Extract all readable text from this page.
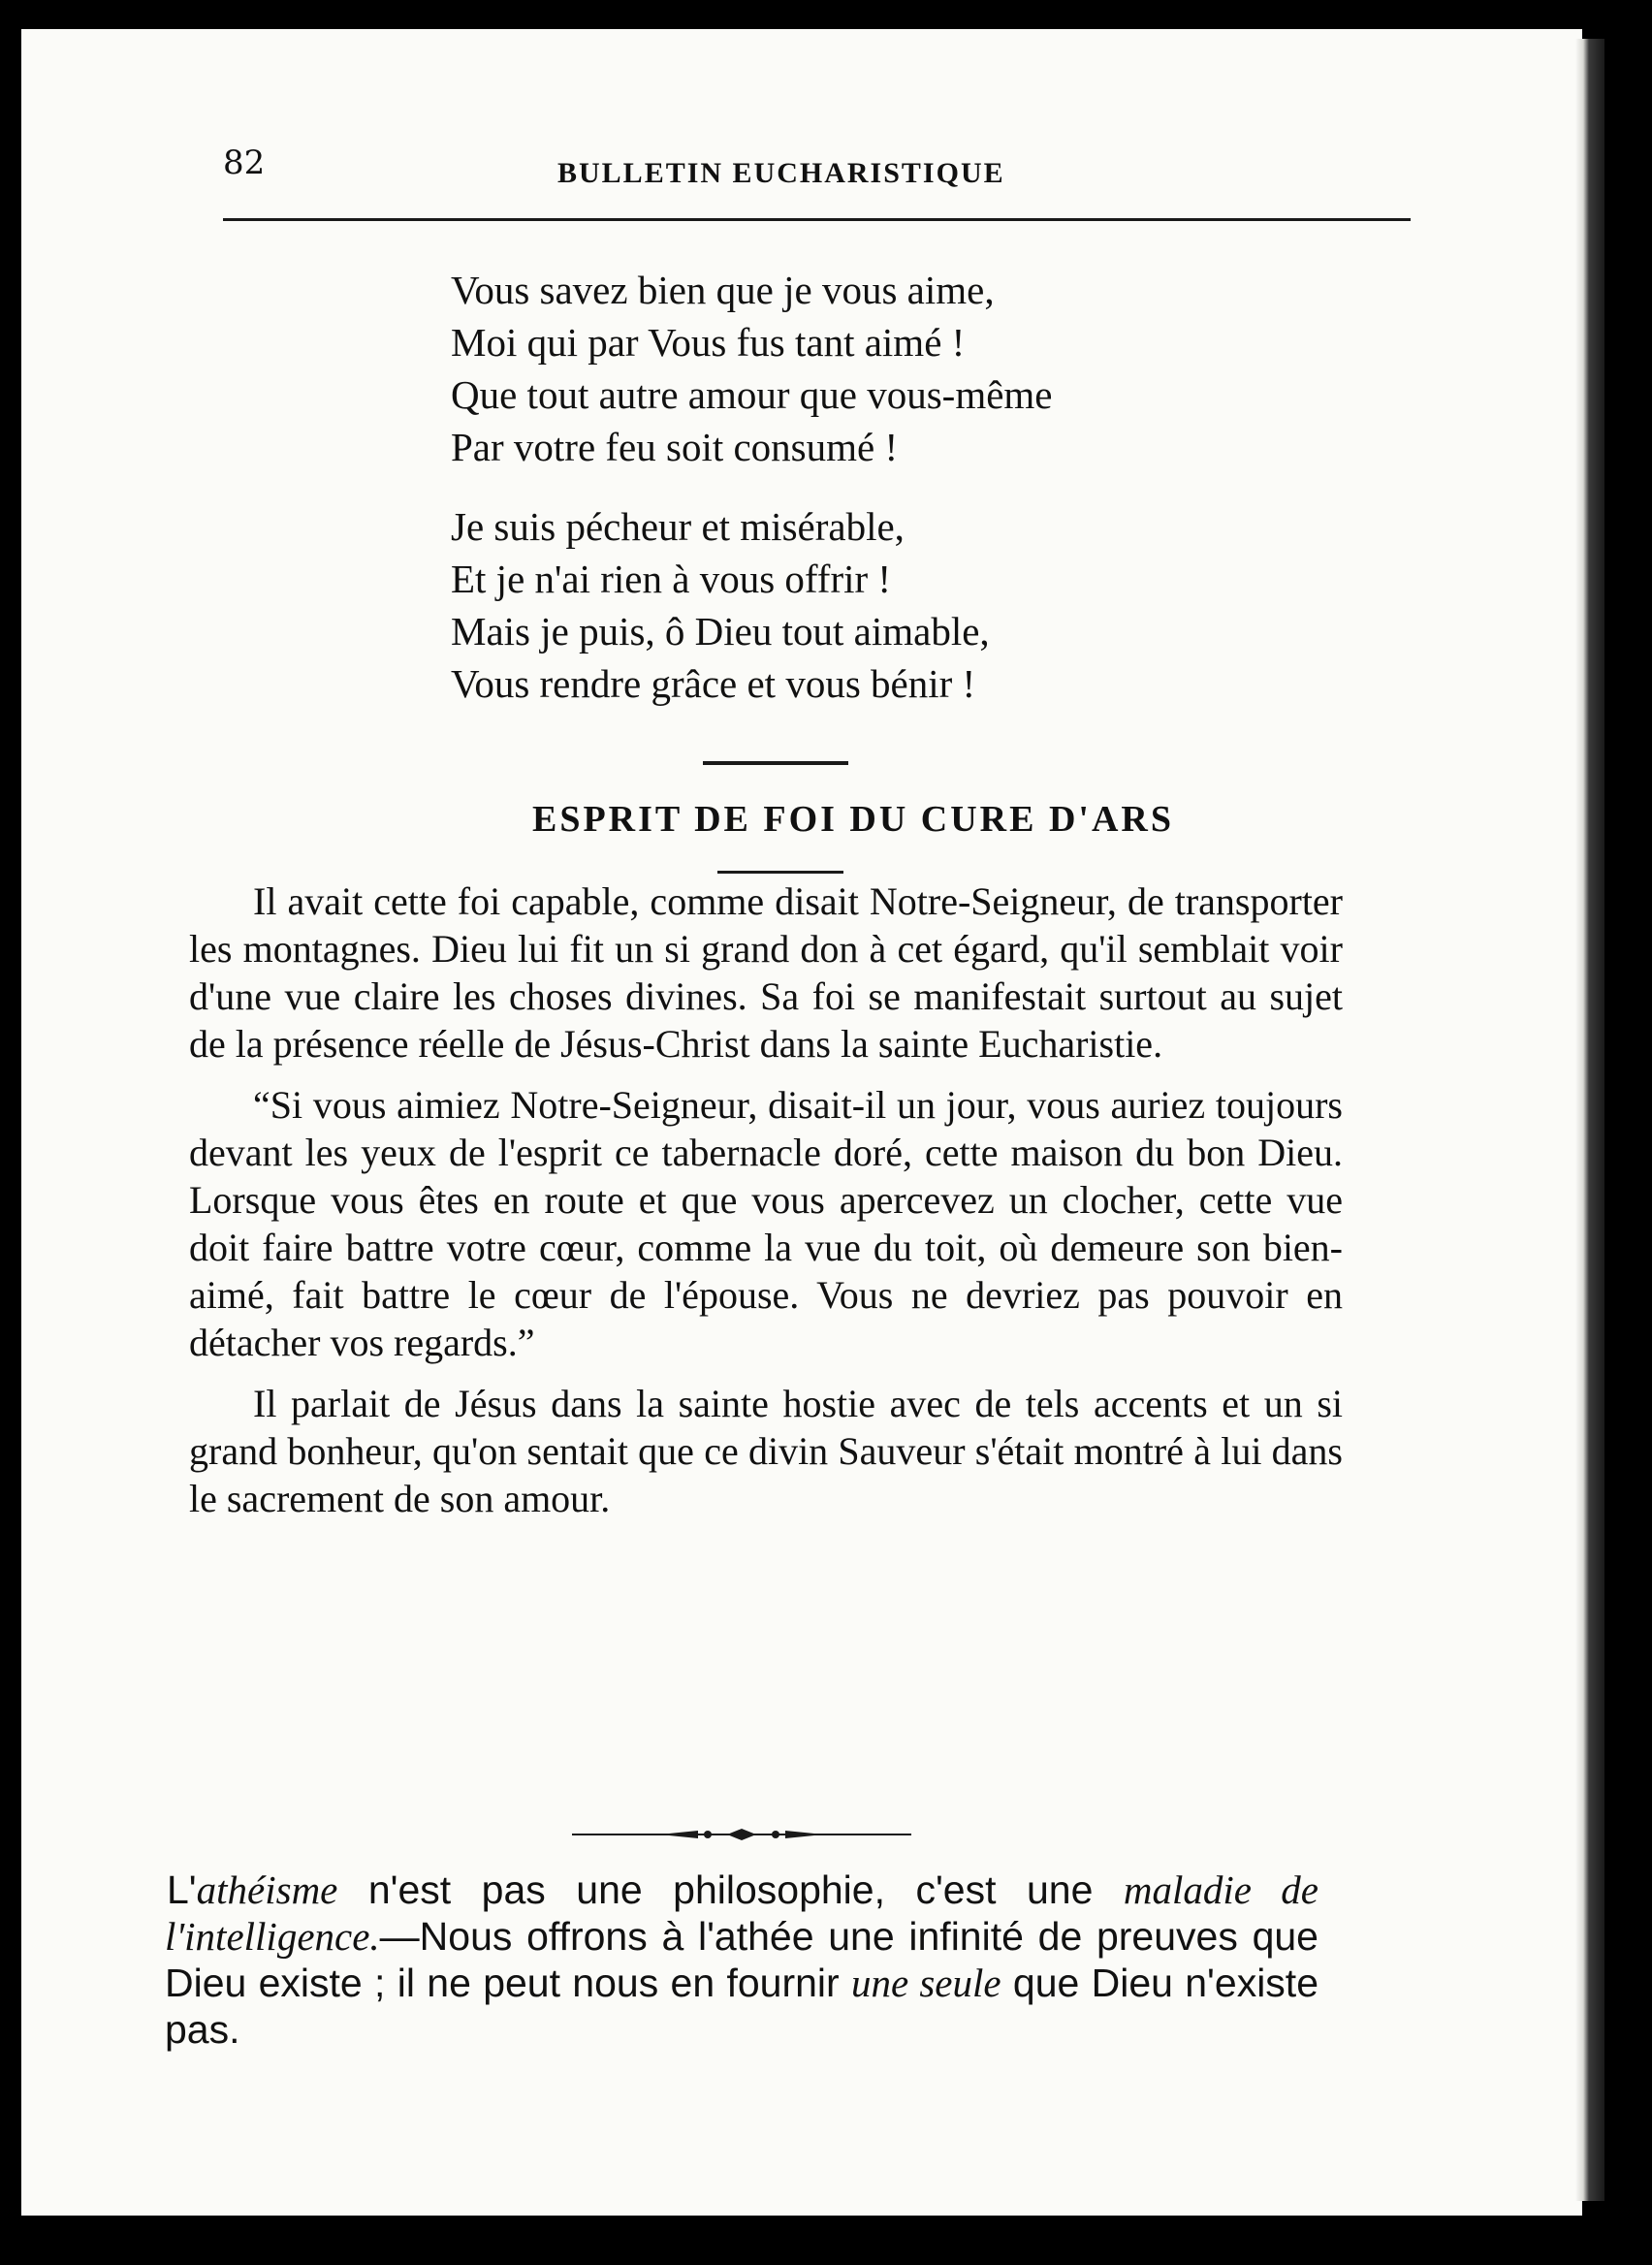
82	BULLETIN EUCHARISTIQUE
Vous savez bien que je vous aime,
Moi qui par Vous fus tant aimé !
Que tout autre amour que vous-même
Par votre feu soit consumé !
Je suis pécheur et misérable,
Et je n'ai rien à vous offrir !
Mais je puis, ô Dieu tout aimable,
Vous rendre grâce et vous bénir !
ESPRIT DE FOI DU CURE D'ARS

Il avait cette foi capable, comme disait Notre-Seigneur, de transporter les montagnes. Dieu lui fit un si grand don à cet égard, qu'il semblait voir d'une vue claire les choses divines. Sa foi se manifestait surtout au sujet de la présence réelle de Jésus-Christ dans la sainte Eucharistie.

“Si vous aimiez Notre-Seigneur, disait-il un jour, vous auriez toujours devant les yeux de l'esprit ce tabernacle doré, cette maison du bon Dieu. Lorsque vous êtes en route et que vous apercevez un clocher, cette vue doit faire battre votre cœur, comme la vue du toit, où demeure son bien-aimé, fait battre le cœur de l'épouse. Vous ne devriez pas pouvoir en détacher vos regards.”

Il parlait de Jésus dans la sainte hostie avec de tels accents et un si grand bonheur, qu'on sentait que ce divin Sauveur s'était montré à lui dans le sacrement de son amour.

L'athéisme n'est pas une philosophie, c'est une maladie de l'intelligence.—Nous offrons à l'athée une infinité de preuves que Dieu existe ; il ne peut nous en fournir une seule que Dieu n'existe pas.
